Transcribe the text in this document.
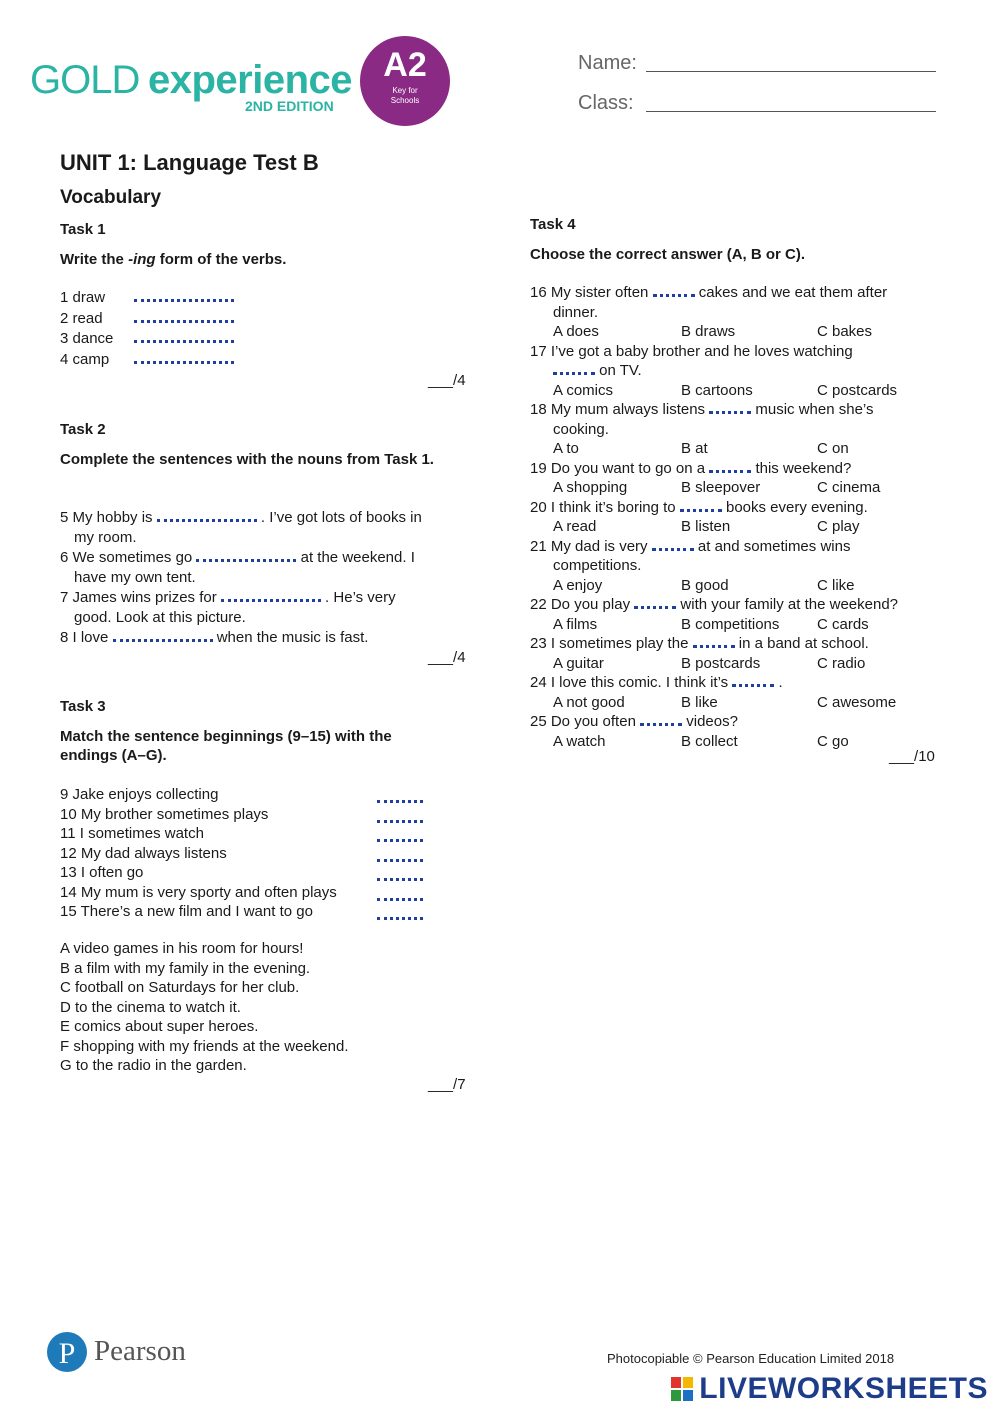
GOLD experience
2ND EDITION
A2
Key for
Schools
Name:
Class:
UNIT 1: Language Test B
Vocabulary
Task 1
Write the -ing form of the verbs.
1 draw
2 read
3 dance
4 camp
___/4
Task 2
Complete the sentences with the nouns from Task 1.
5 My hobby is	. I’ve got lots of books in
my room.
6 We sometimes go	at the weekend. I
have my own tent.
7 James wins prizes for	. He’s very
good. Look at this picture.
8 I love	when the music is fast.
___/4
Task 3
Match the sentence beginnings (9–15) with the endings (A–G).
9 Jake enjoys collecting
10 My brother sometimes plays
11 I sometimes watch
12 My dad always listens
13 I often go
14 My mum is very sporty and often plays
15 There’s a new film and I want to go
A video games in his room for hours!
B a film with my family in the evening.
C football on Saturdays for her club.
D to the cinema to watch it.
E comics about super heroes.
F shopping with my friends at the weekend.
G to the radio in the garden.
___/7
Task 4
Choose the correct answer (A, B or C).
16 My sister often	cakes and we eat them after
dinner.
A does	B draws	C bakes
17 I’ve got a baby brother and he loves watching
on TV.
A comics	B cartoons	C postcards
18 My mum always listens	music when she’s
cooking.
A to	B at	C on
19 Do you want to go on a	this weekend?
A shopping	B sleepover	C cinema
20 I think it’s boring to	books every evening.
A read	B listen	C play
21 My dad is very	at and sometimes wins
competitions.
A enjoy	B good	C like
22 Do you play	with your family at the weekend?
A films	B competitions	C cards
23 I sometimes play the	in a band at school.
A guitar	B postcards	C radio
24 I love this comic. I think it’s	.
A not good	B like	C awesome
25 Do you often	videos?
A watch	B collect	C go
___/10
P Pearson	Photocopiable © Pearson Education Limited 2018
LIVEWORKSHEETS
